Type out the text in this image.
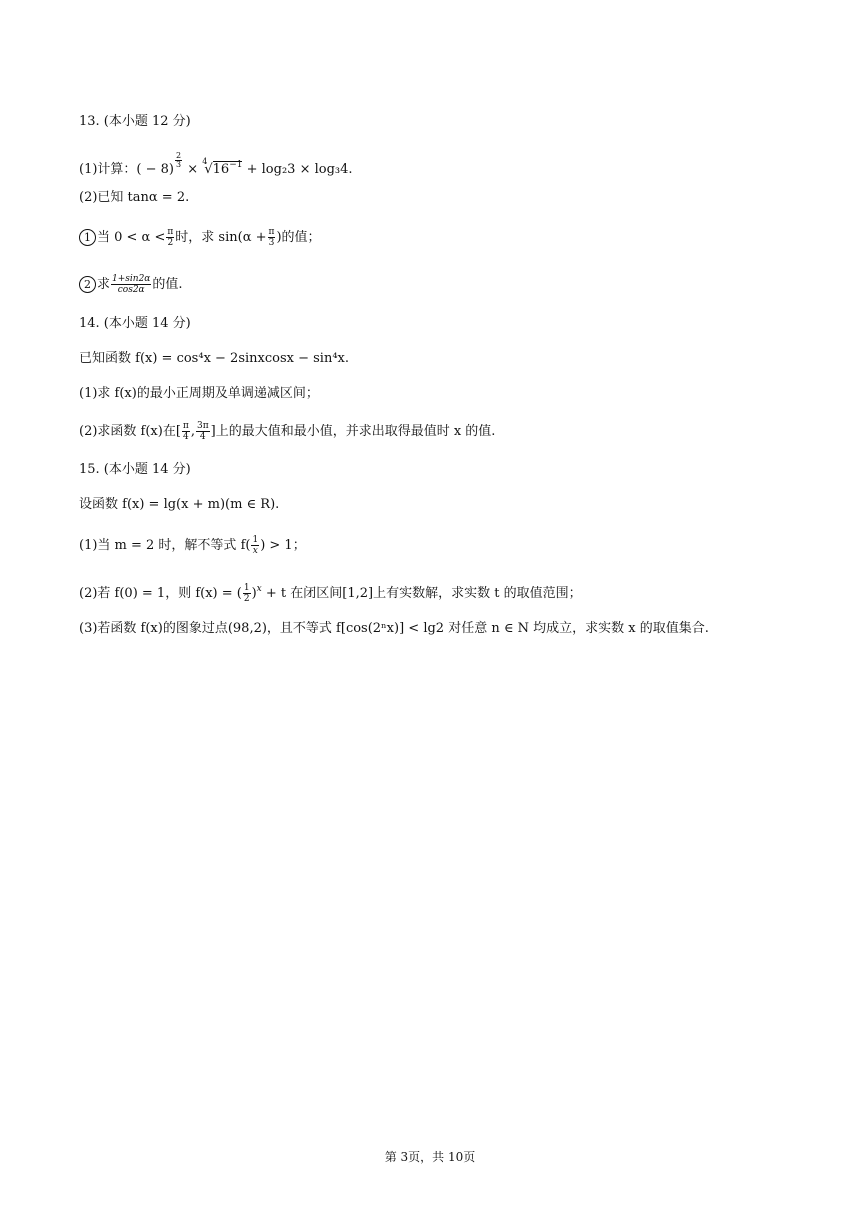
13. (本小题 12 分)
(1)计算：( − 8)
$\frac{2}{3}$
× $^4√16^{-1} + \log_23 \times \log_34$.
(2)已知 tanα = 2.
1 当 $0 < \alpha < \frac{\pi}{2}$ 时，求 $\sin(\alpha + \frac{\pi}{3}$ )的值；
2 求 $\frac{1+\sin 2\alpha}{\cos 2\alpha}$ 的值.
14. (本小题 14 分)
已知函数 f(x) = cos⁴x − 2sinxcosx − sin⁴x.
(1)求 f(x)的最小正周期及单调递减区间；
(2)求函数 f(x)在[ $\frac{\pi}{4}$ , $\frac{3\pi}{4}$ ]上的最大值和最小值，并求出取得最值时 x 的值.
15. (本小题 14 分)
设函数 f(x) = lg(x + m)(m ∈ R).
(1)当 m = 2 时，解不等式 $f( \frac{1}{x}$ ) > 1；
(2)若 f(0) = 1，则 f(x) = ( $\frac{1}{2} )^x + t$ 在闭区间[1,2]上有实数解，求实数 t 的取值范围；
(3)若函数 f(x)的图象过点(98,2)，且不等式 f[cos(2ⁿx)] < lg2 对任意 n ∈ N 均成立，求实数 x 的取值集合.
第 3页，共 10页
